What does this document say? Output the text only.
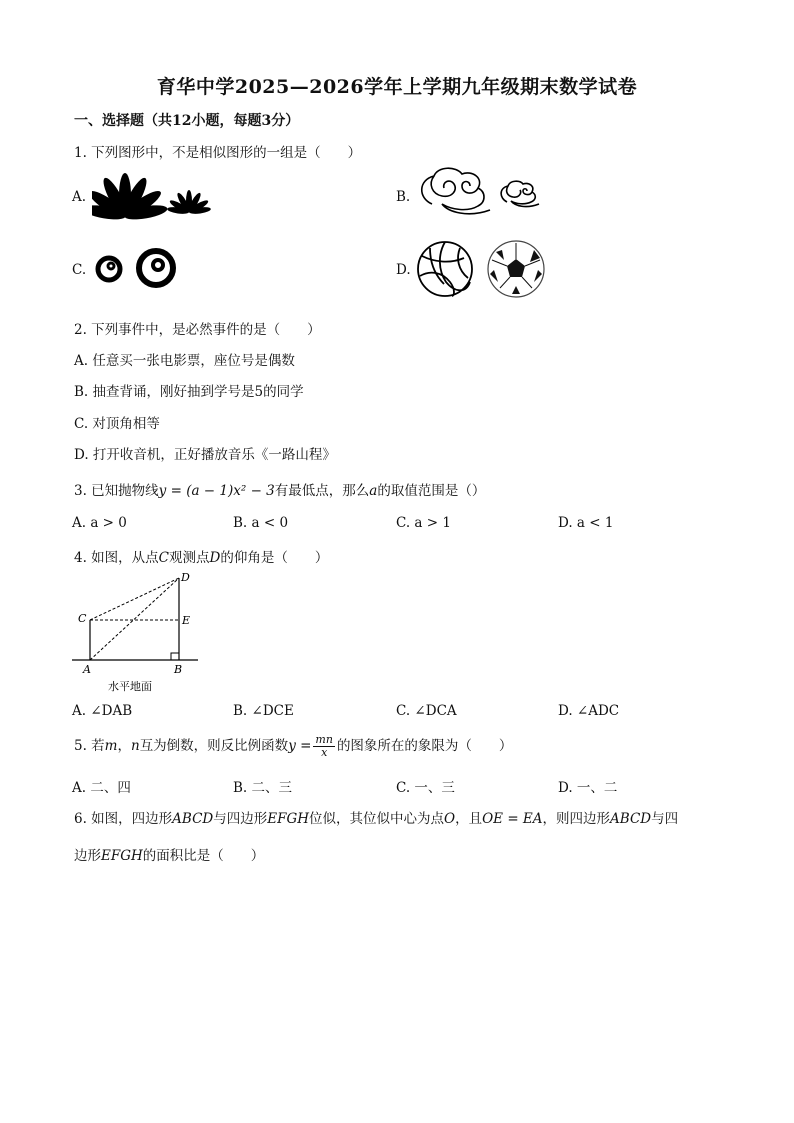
育华中学2025—2026学年上学期九年级期末数学试卷
一、选择题（共12小题，每题3分）
1. 下列图形中，不是相似图形的一组是（　　）
A.	B.
C.	D.
2. 下列事件中，是必然事件的是（　　）
A. 任意买一张电影票，座位号是偶数
B. 抽查背诵，刚好抽到学号是5的同学
C. 对顶角相等
D. 打开收音机，正好播放音乐《一路山程》
3. 已知抛物线y = (a − 1)x² − 3有最低点，那么a的取值范围是（）
A. a > 0	B. a < 0	C. a > 1	D. a < 1
4. 如图，从点C观测点D的仰角是（　　）
D
C	E
A	B
水平地面
A. ∠DAB	B. ∠DCE	C. ∠DCA	D. ∠ADC
5. 若m，n互为倒数，则反比例函数$y = \frac{mn}{x}$ 的图象所在的象限为（　　）
A. 二、四	B. 二、三	C. 一、三	D. 一、二
6. 如图，四边形ABCD与四边形EFGH位似，其位似中心为点O，且OE = EA，则四边形ABCD与四
边形EFGH的面积比是（　　）
